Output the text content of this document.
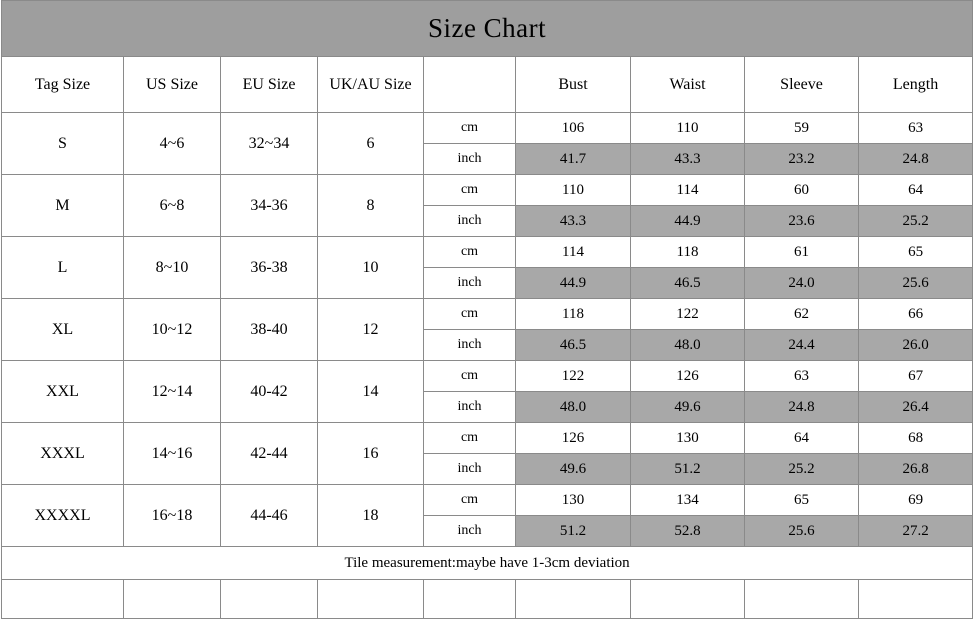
Size Chart								
Tag Size	US Size	EU Size	UK/AU Size		Bust	Waist	Sleeve	Length
S	4~6	32~34	6	cm	106	110	59	63
				inch	41.7	43.3	23.2	24.8
M	6~8	34-36	8	cm	110	114	60	64
				inch	43.3	44.9	23.6	25.2
L	8~10	36-38	10	cm	114	118	61	65
				inch	44.9	46.5	24.0	25.6
XL	10~12	38-40	12	cm	118	122	62	66
				inch	46.5	48.0	24.4	26.0
XXL	12~14	40-42	14	cm	122	126	63	67
				inch	48.0	49.6	24.8	26.4
XXXL	14~16	42-44	16	cm	126	130	64	68
				inch	49.6	51.2	25.2	26.8
XXXXL	16~18	44-46	18	cm	130	134	65	69
				inch	51.2	52.8	25.6	27.2
Tile measurement:maybe have 1-3cm deviation								
